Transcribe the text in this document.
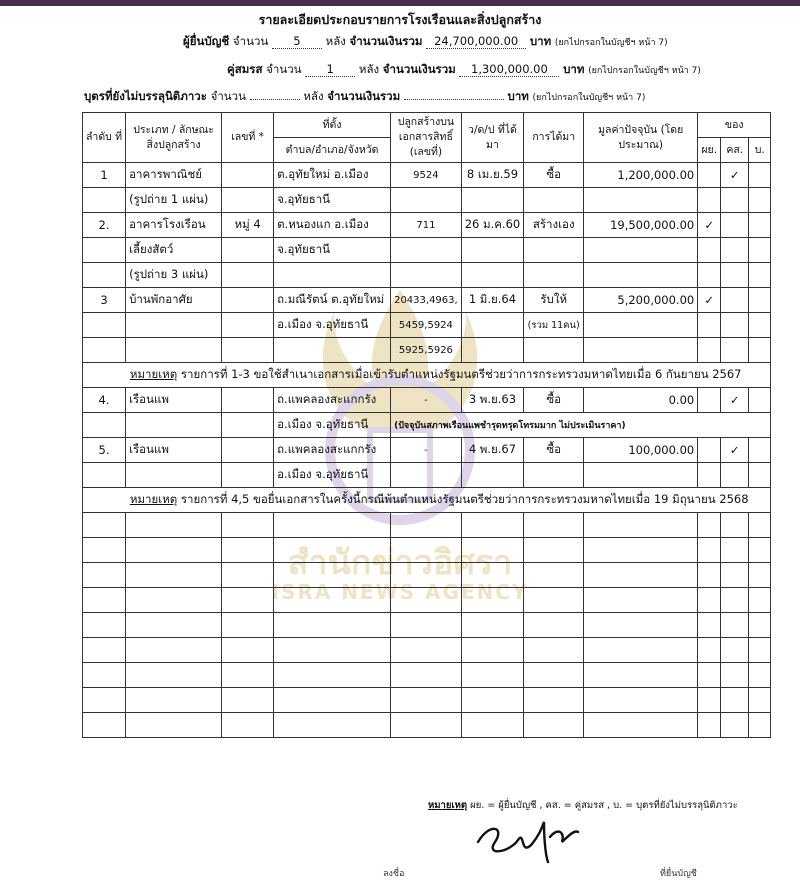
รายละเอียดประกอบรายการโรงเรือนและสิ่งปลูกสร้าง
ผู้ยื่นบัญชี จำนวน 5 หลัง จำนวนเงินรวม 24,700,000.00 บาท (ยกไปกรอกในบัญชีฯ หน้า 7)
คู่สมรส จำนวน 1 หลัง จำนวนเงินรวม 1,300,000.00 บาท (ยกไปกรอกในบัญชีฯ หน้า 7)
บุตรที่ยังไม่บรรลุนิติภาวะ จำนวน	หลัง จำนวนเงินรวม	บาท (ยกไปกรอกในบัญชีฯ หน้า 7)
สำนักข่าวอิศรา
ISRA NEWS AGENCY
ลำดับ ที่	ประเภท / ลักษณะ สิ่งปลูกสร้าง	เลขที่ *	ที่ตั้ง	ปลูกสร้างบน เอกสารสิทธิ์ (เลขที่)	ว/ด/ป ที่ได้มา	การได้มา	มูลค่าปัจจุบัน (โดยประมาณ)	ของ		
			ตำบล/อำเภอ/จังหวัด					ผย.	คส.	บ.
1	อาคารพาณิชย์		ต.อุทัยใหม่ อ.เมือง	9524	8 เม.ย.59	ซื้อ	1,200,000.00		✓	
	(รูปถ่าย 1 แผ่น)		จ.อุทัยธานี							
2.	อาคารโรงเรือน	หมู่ 4	ต.หนองแก อ.เมือง	711	26 ม.ค.60	สร้างเอง	19,500,000.00	✓		
	เลี้ยงสัตว์		จ.อุทัยธานี							
	(รูปถ่าย 3 แผ่น)									
3	บ้านพักอาศัย		ถ.มณีรัตน์ ต.อุทัยใหม่	20433,4963,	1 มิ.ย.64	รับให้	5,200,000.00	✓		
			อ.เมือง จ.อุทัยธานี	5459,5924		(รวม 11คน)				
				5925,5926						
หมายเหตุ รายการที่ 1-3 ขอใช้สำเนาเอกสารเมื่อเข้ารับตำแหน่งรัฐมนตรีช่วยว่าการกระทรวงมหาดไทยเมื่อ 6 กันยายน 2567										
4.	เรือนแพ		ถ.แพคลองสะแกกรัง	-	3 พ.ย.63	ซื้อ	0.00		✓	
			อ.เมือง จ.อุทัยธานี	(ปัจจุบันสภาพเรือนแพชำรุดทรุดโทรมมาก ไม่ประเมินราคา)						
5.	เรือนแพ		ถ.แพคลองสะแกกรัง	-	4 พ.ย.67	ซื้อ	100,000.00		✓	
			อ.เมือง จ.อุทัยธานี							
หมายเหตุ รายการที่ 4,5 ขอยื่นเอกสารในครั้งนี้กรณีพ้นตำแหน่งรัฐมนตรีช่วยว่าการกระทรวงมหาดไทยเมื่อ 19 มิถุนายน 2568										

หมายเหตุ ผย. = ผู้ยื่นบัญชี , คส. = คู่สมรส , บ. = บุตรที่ยังไม่บรรลุนิติภาวะ
ลงชื่อ	ที่ยื่นบัญชี
